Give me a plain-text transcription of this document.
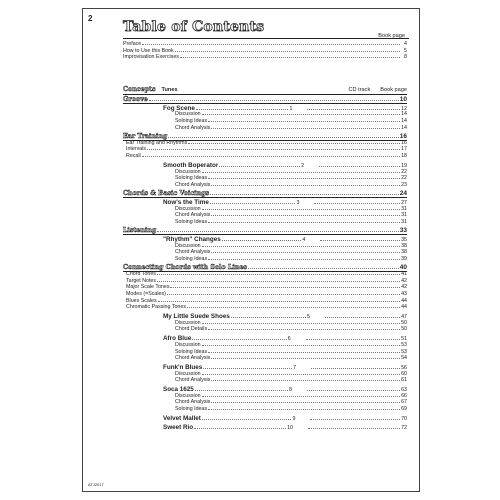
2
Table of Contents
Book page
Preface	4
How to Use this Book	5
Improvisation Exercises	8
Concepts Tunes	CD track Book page
Groove	10
Fog Scene	1	12
Discussion	14
Soloing Ideas	14
Chord Analysis	14
Ear Training	16
Ear Training and Rhythms	16
Intervals	17
Recall	18
Smooth Boperator	2	19
Discussion	22
Soloing Ideas	22
Chord Analysis	23
Chords & Basic Voicings	24
Now's the Time	3	27
Discussion	31
Chord Analysis	31
Soloing Ideas	31
Listening	33
"Rhythm" Changes	4	35
Discussion	38
Chord Analysis	38
Soloing Ideas	39
Connecting Chords with Solo Lines	40
Chord Tones	41
Target Notes	42
Major Scale Tones	42
Modes (=Scales)	43
Blues Scales	44
Chromatic Passing Tones	44
My Little Suede Shoes	5	47
Discussion	50
Chord Details	50
Afro Blue	6	51
Discussion	53
Soloing Ideas	53
Chord Analysis	54
Funk'n Blues	7	56
Discussion	60
Chord Analysis	61
Soca 1625	8	63
Discussion	66
Chord Analysis	67
Soloing Ideas	69
Velvet Mallet	9	70
Sweet Rio	10	72
ATJ2017
